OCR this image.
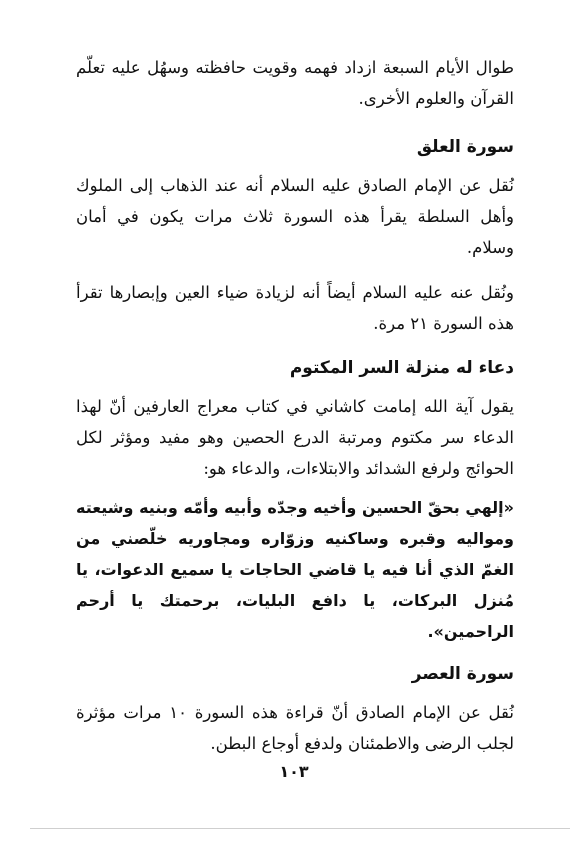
طوال الأيام السبعة ازداد فهمه وقويت حافظته وسهُل عليه تعلّم القرآن والعلوم الأخرى.

سورة العلق

نُقل عن الإمام الصادق عليه السلام أنه عند الذهاب إلى الملوك وأهل السلطة يقرأ هذه السورة ثلاث مرات يكون في أمان وسلام.

ونُقل عنه عليه السلام أيضاً أنه لزيادة ضياء العين وإبصارها تقرأ هذه السورة ٢١ مرة.

دعاء له منزلة السر المكتوم

يقول آية الله إمامت كاشاني في كتاب معراج العارفين أنّ لهذا الدعاء سر مكتوم ومرتبة الدرع الحصين وهو مفيد ومؤثر لكل الحوائج ولرفع الشدائد والابتلاءات، والدعاء هو:

«إلهي بحقّ الحسين وأخيه وجدّه وأبيه وأمّه وبنيه وشيعته ومواليه وقبره وساكنيه وزوّاره ومجاوريه خلّصني من الغمّ الذي أنا فيه يا قاضي الحاجات يا سميع الدعوات، يا مُنزل البركات، يا دافع البليات، برحمتك يا أرحم الراحمين».

سورة العصر

نُقل عن الإمام الصادق أنّ قراءة هذه السورة ١٠ مرات مؤثرة لجلب الرضى والاطمئنان ولدفع أوجاع البطن.

١٠٣
